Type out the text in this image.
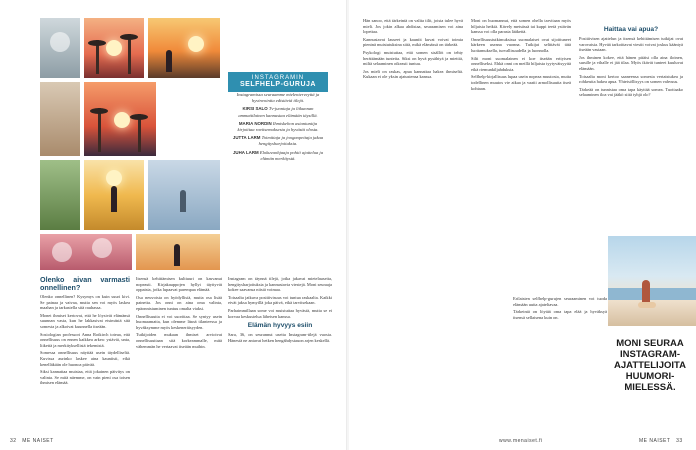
INSTAGRAMIN
SELFHELP-GURUJA
Instagramissa seuraamme mielenterveyttä ja hyvinvointia edistäviä tilejä.
KIRSI SALO Tv-juontaja ja liikunnan ammattilainen kannustaa elämään täysillä.
MARIA NORDIN Ihmiskehon asiantuntija kirjoittaa ravitsemuksesta ja hyvästä olosta.
JUTTA LARM Toimittaja ja joogaopettaja jakaa hengitysharjoituksia.
JUHA LARM Elokuvaohjaaja pohtii ajattelua ja elämän merkitystä.
Olenko aivan varmasti onnellinen?

Olenko onnellinen? Kysymys on kuin suuri kivi. Se painaa ja vaivaa, mutta sen voi myös laskea maahan ja tarkastella sitä rauhassa.

Monet ihmiset kertovat, että he löysivät elämänsä suunnan vasta, kun he lakkasivat etsimästä sitä somesta ja alkoivat kuunnella itseään.

Sosiologian professori Anna Rotkirch toteaa, että onnellisuus on ennen kaikkea arkea: ystäviä, unta, liikettä ja merkityksellistä tekemistä.

Somessa onnellisuus näyttää usein täydelliseltä. Kuvissa aurinko laskee aina kauniisti, eikä kenelläkään ole huonoa päivää.

Siksi kannattaa muistaa, että jokainen päivitys on valinta. Se mitä näemme, on vain pieni osa toisen ihmisen elämää.

Itsensä kehittämisen kulttuuri on kasvanut nopeasti. Kirjakauppojen hyllyt täyttyvät oppaista, jotka lupaavat parempaa elämää.

Osa neuvoista on hyödyllisiä, mutta osa lisää painetta. Jos onni on aina oma valinta, epäonnistuminen tuntuu omalta viaksi.

Onnellisuutta ei voi suorittaa. Se syntyy usein huomaamatta, kun olemme läsnä tilanteessa ja hyväksymme myös keskeneräisyyden.

Tutkijoiden mukaan ihmiset arvioivat onnellisuuttaan sitä korkeammalle, mitä vähemmän he vertaavat itseään muihin.

Instagram on täynnä tilejä, jotka jakavat mietelauseita, hengitysharjoituksia ja kannustavia viestejä. Moni seuraaja kokee saavansa niistä voimaa.

Toisaalta jatkuva positiivisuus voi tuntua raskaalta. Kaikki eivät jaksa hymyillä joka päivä, eikä tarvitsekaan.

Parhaimmillaan some voi muistuttaa hyvästä, mutta se ei korvaa keskustelua läheisen kanssa.

Elämän hyvyys esiin

Sara, 36, on seurannut useita Instagram-tilejä vuosia. Hänestä ne antavat hetken hengähdystauon arjen keskellä.

32 ME NAISET

Hän sanoo, että tärkeintä on valita tilit, joista tulee hyvä mieli. Jos jokin alkaa ahdistaa, seuraamisen voi aina lopettaa.

Kannustavat lauseet ja kauniit kuvat voivat toimia pieninä muistutuksina siitä, mikä elämässä on tärkeää.

Psykologi muistuttaa, että somen sisällöt on tehty herättämään tunteita. Siksi on hyvä pysähtyä ja miettiä, miltä selaaminen oikeasti tuntuu.

Jos mieli on raskas, apua kannattaa hakea ihmiseltä. Kukaan ei ole yksin ajatustensa kanssa.

Moni on huomannut, että somen ohella tarvitaan myös hiljaisia hetkiä. Kävely metsässä tai kuppi teetä ystävän kanssa voi olla parasta lääkettä.

Onnellisuustutkimuksissa suomalaiset ovat sijoittuneet kärkeen useana vuonna. Tutkijat selittävät tätä luottamuksella, turvallisuudella ja luonnolla.

Silti moni suomalainen ei koe itseään erityisen onnelliseksi. Ehkä onni on meillä hiljaista tyytyväisyyttä eikä riemunkiljahduksia.

Selfhelp-kirjallisuus lupaa usein nopeaa muutosta, mutta todellinen muutos vie aikaa ja vaatii armollisuutta itseä kohtaan.

Haittaa vai apua?

Positiivisen ajattelun ja itsensä kehittämisen tutkijat ovat varovaisia. Hyvää tarkoittavat viestit voivat joskus kääntyä itseään vastaan.

Jos ihminen kokee, että hänen pitäisi olla aina iloinen, surulle ja vihalle ei jää tilaa. Myös ikävät tunteet kuuluvat elämään.

Toisaalta moni kertoo saaneensa somesta vertaistukea ja rohkeutta hakea apua. Yhteisöllisyys on somen vahvuus.

Tärkeää on tunnistaa oma tapa käyttää somea. Tuottaako selaaminen iloa vai jääkö siitä tyhjä olo?

Erilaisten selfhelp-gurujen seuraaminen voi tuoda elämään uutta ajateltavaa.

Tärkeintä on löytää oma tapa elää ja hyväksyä itsensä sellaisena kuin on.

www.menaiset.fi	ME NAISET 33
MONI SEURAA INSTAGRAM-AJATTELIJOITA HUUMORI-MIELESSÄ.
